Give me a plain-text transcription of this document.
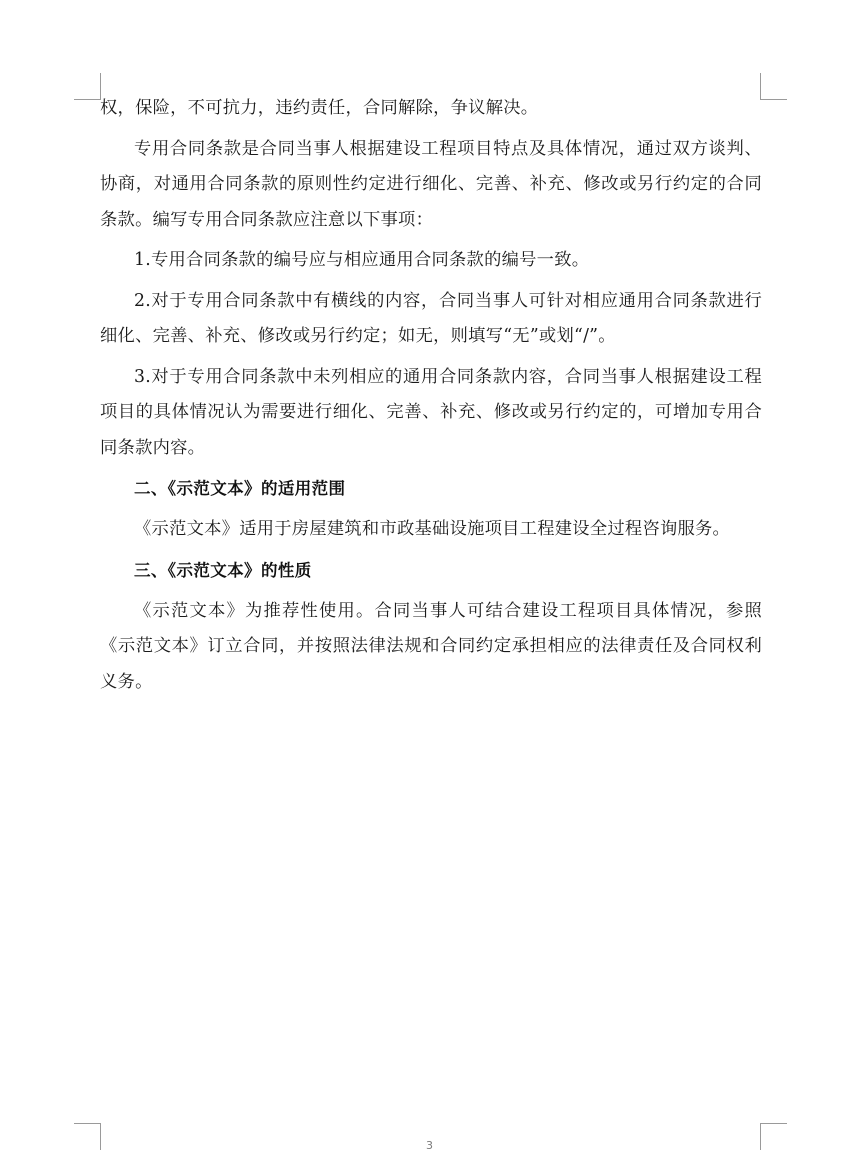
权，保险，不可抗力，违约责任，合同解除，争议解决。

专用合同条款是合同当事人根据建设工程项目特点及具体情况，通过双方谈判、协商，对通用合同条款的原则性约定进行细化、完善、补充、修改或另行约定的合同条款。编写专用合同条款应注意以下事项：

1.专用合同条款的编号应与相应通用合同条款的编号一致。

2.对于专用合同条款中有横线的内容，合同当事人可针对相应通用合同条款进行细化、完善、补充、修改或另行约定；如无，则填写“无”或划“/”。

3.对于专用合同条款中未列相应的通用合同条款内容，合同当事人根据建设工程项目的具体情况认为需要进行细化、完善、补充、修改或另行约定的，可增加专用合同条款内容。

二、《示范文本》的适用范围

《示范文本》适用于房屋建筑和市政基础设施项目工程建设全过程咨询服务。

三、《示范文本》的性质

《示范文本》为推荐性使用。合同当事人可结合建设工程项目具体情况，参照《示范文本》订立合同，并按照法律法规和合同约定承担相应的法律责任及合同权利义务。

3
